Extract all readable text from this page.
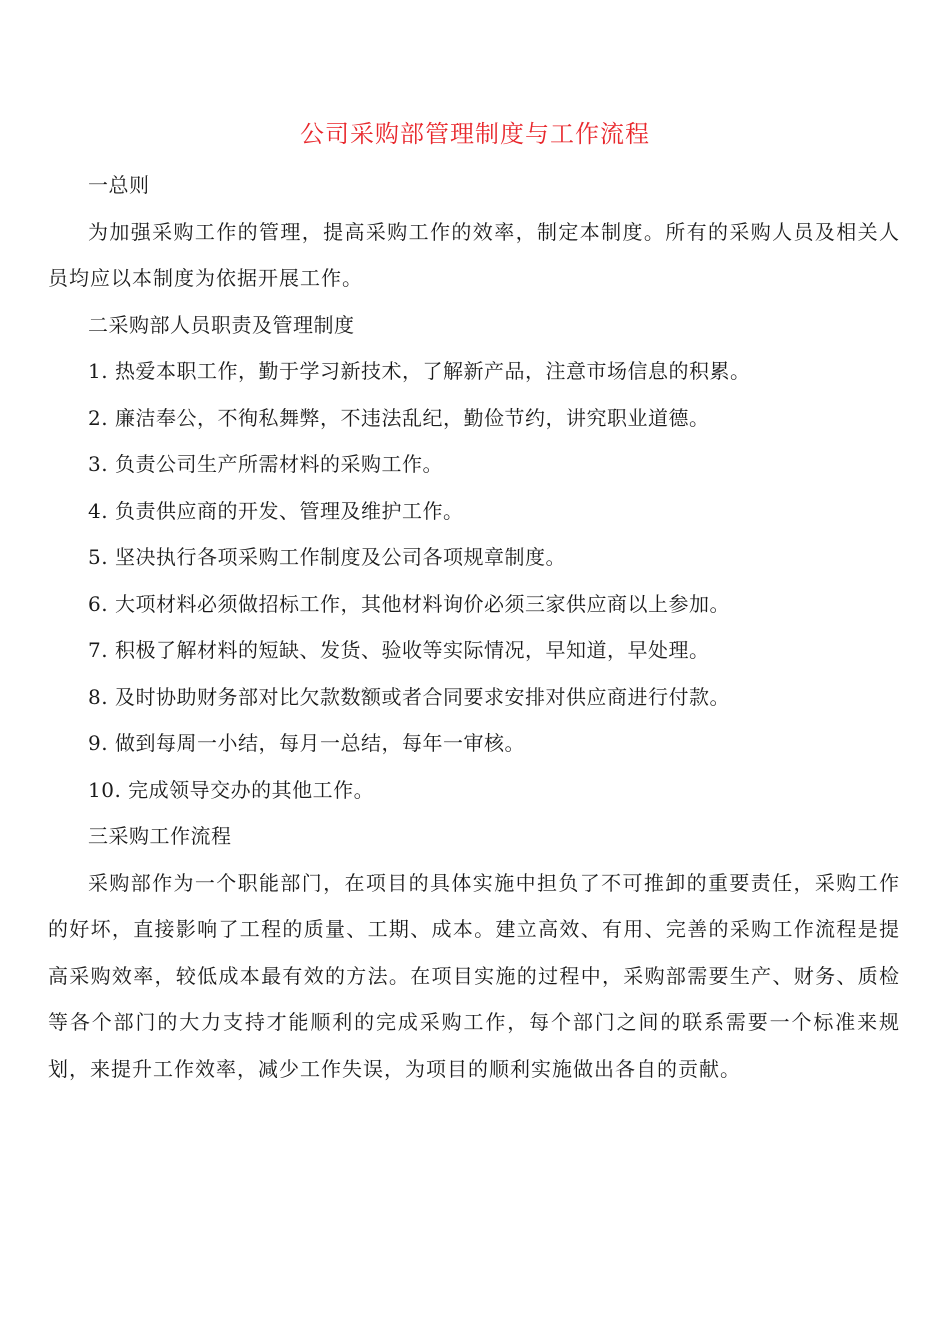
公司采购部管理制度与工作流程

一总则

为加强采购工作的管理，提高采购工作的效率，制定本制度。所有的采购人员及相关人员均应以本制度为依据开展工作。

二采购部人员职责及管理制度

1. 热爱本职工作，勤于学习新技术，了解新产品，注意市场信息的积累。

2. 廉洁奉公，不徇私舞弊，不违法乱纪，勤俭节约，讲究职业道德。

3. 负责公司生产所需材料的采购工作。

4. 负责供应商的开发、管理及维护工作。

5. 坚决执行各项采购工作制度及公司各项规章制度。

6. 大项材料必须做招标工作，其他材料询价必须三家供应商以上参加。

7. 积极了解材料的短缺、发货、验收等实际情况，早知道，早处理。

8. 及时协助财务部对比欠款数额或者合同要求安排对供应商进行付款。

9. 做到每周一小结，每月一总结，每年一审核。

10. 完成领导交办的其他工作。

三采购工作流程

采购部作为一个职能部门，在项目的具体实施中担负了不可推卸的重要责任，采购工作的好坏，直接影响了工程的质量、工期、成本。建立高效、有用、完善的采购工作流程是提高采购效率，较低成本最有效的方法。在项目实施的过程中，采购部需要生产、财务、质检等各个部门的大力支持才能顺利的完成采购工作，每个部门之间的联系需要一个标准来规划，来提升工作效率，减少工作失误，为项目的顺利实施做出各自的贡献。
